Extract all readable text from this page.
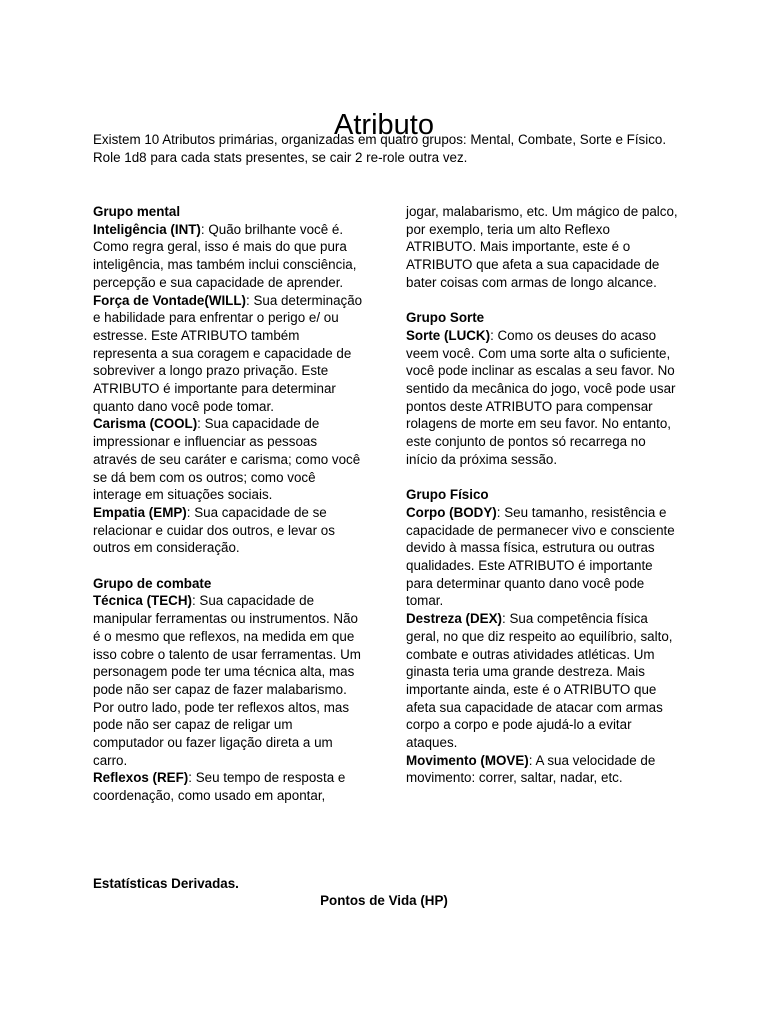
Atributo

Existem 10 Atributos primárias, organizadas em quatro grupos: Mental, Combate, Sorte e Físico. Role 1d8 para cada stats presentes, se cair 2 re-role outra vez.

Grupo mental

Inteligência (INT): Quão brilhante você é. Como regra geral, isso é mais do que pura inteligência, mas também inclui consciência, percepção e sua capacidade de aprender.

Força de Vontade(WILL): Sua determinação e habilidade para enfrentar o perigo e/ ou estresse. Este ATRIBUTO também representa a sua coragem e capacidade de sobreviver a longo prazo privação. Este ATRIBUTO é importante para determinar quanto dano você pode tomar.

Carisma (COOL): Sua capacidade de impressionar e influenciar as pessoas através de seu caráter e carisma; como você se dá bem com os outros; como você interage em situações sociais.

Empatia (EMP): Sua capacidade de se relacionar e cuidar dos outros, e levar os outros em consideração.

Grupo de combate

Técnica (TECH): Sua capacidade de manipular ferramentas ou instrumentos. Não é o mesmo que reflexos, na medida em que isso cobre o talento de usar ferramentas. Um personagem pode ter uma técnica alta, mas pode não ser capaz de fazer malabarismo. Por outro lado, pode ter reflexos altos, mas pode não ser capaz de religar um computador ou fazer ligação direta a um carro.

Reflexos (REF): Seu tempo de resposta e coordenação, como usado em apontar,

jogar, malabarismo, etc. Um mágico de palco, por exemplo, teria um alto Reflexo ATRIBUTO. Mais importante, este é o ATRIBUTO que afeta a sua capacidade de bater coisas com armas de longo alcance.

Grupo Sorte

Sorte (LUCK): Como os deuses do acaso veem você. Com uma sorte alta o suficiente, você pode inclinar as escalas a seu favor. No sentido da mecânica do jogo, você pode usar pontos deste ATRIBUTO para compensar rolagens de morte em seu favor. No entanto, este conjunto de pontos só recarrega no início da próxima sessão.

Grupo Físico

Corpo (BODY): Seu tamanho, resistência e capacidade de permanecer vivo e consciente devido à massa física, estrutura ou outras qualidades. Este ATRIBUTO é importante para determinar quanto dano você pode tomar.

Destreza (DEX): Sua competência física geral, no que diz respeito ao equilíbrio, salto, combate e outras atividades atléticas. Um ginasta teria uma grande destreza. Mais importante ainda, este é o ATRIBUTO que afeta sua capacidade de atacar com armas corpo a corpo e pode ajudá-lo a evitar ataques.

Movimento (MOVE): A sua velocidade de movimento: correr, saltar, nadar, etc.

Estatísticas Derivadas.
Pontos de Vida (HP)
